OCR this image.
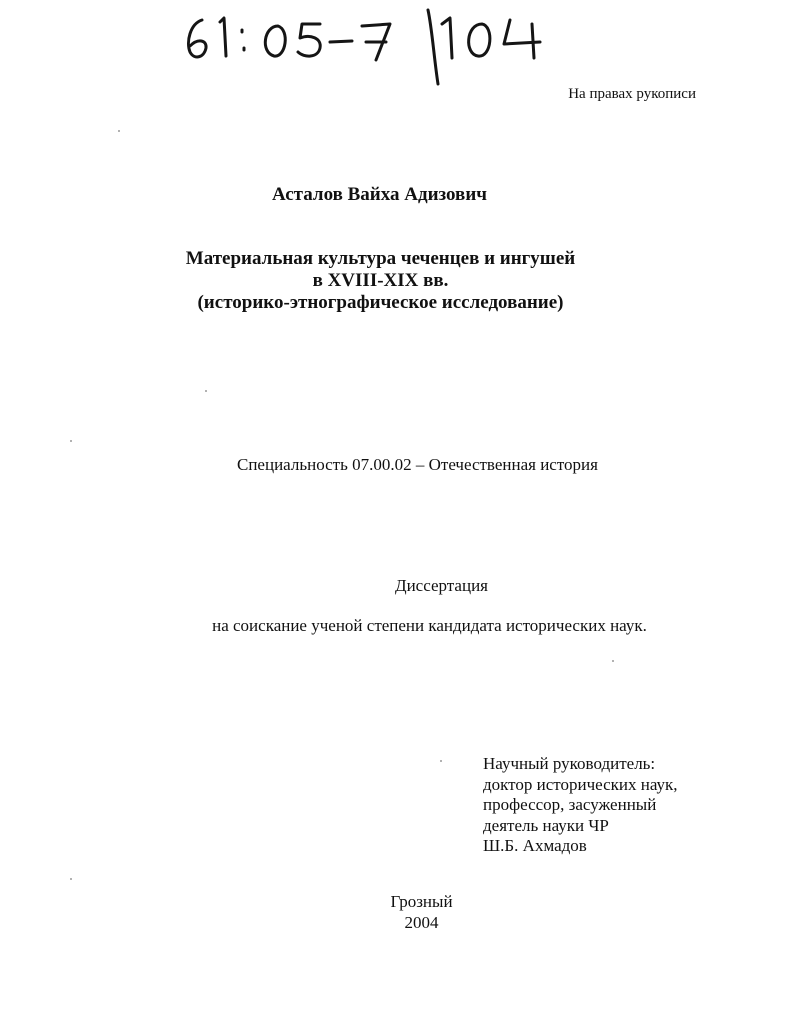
На правах рукописи
Асталов Вайха Адизович
Материальная культура чеченцев и ингушей
в XVIII-XIX вв.
(историко-этнографическое исследование)
Специальность 07.00.02 – Отечественная история
Диссертация
на соискание ученой степени кандидата исторических наук.
Научный руководитель:
доктор исторических наук,
профессор, засуженный
деятель науки ЧР
Ш.Б. Ахмадов
Грозный
2004
